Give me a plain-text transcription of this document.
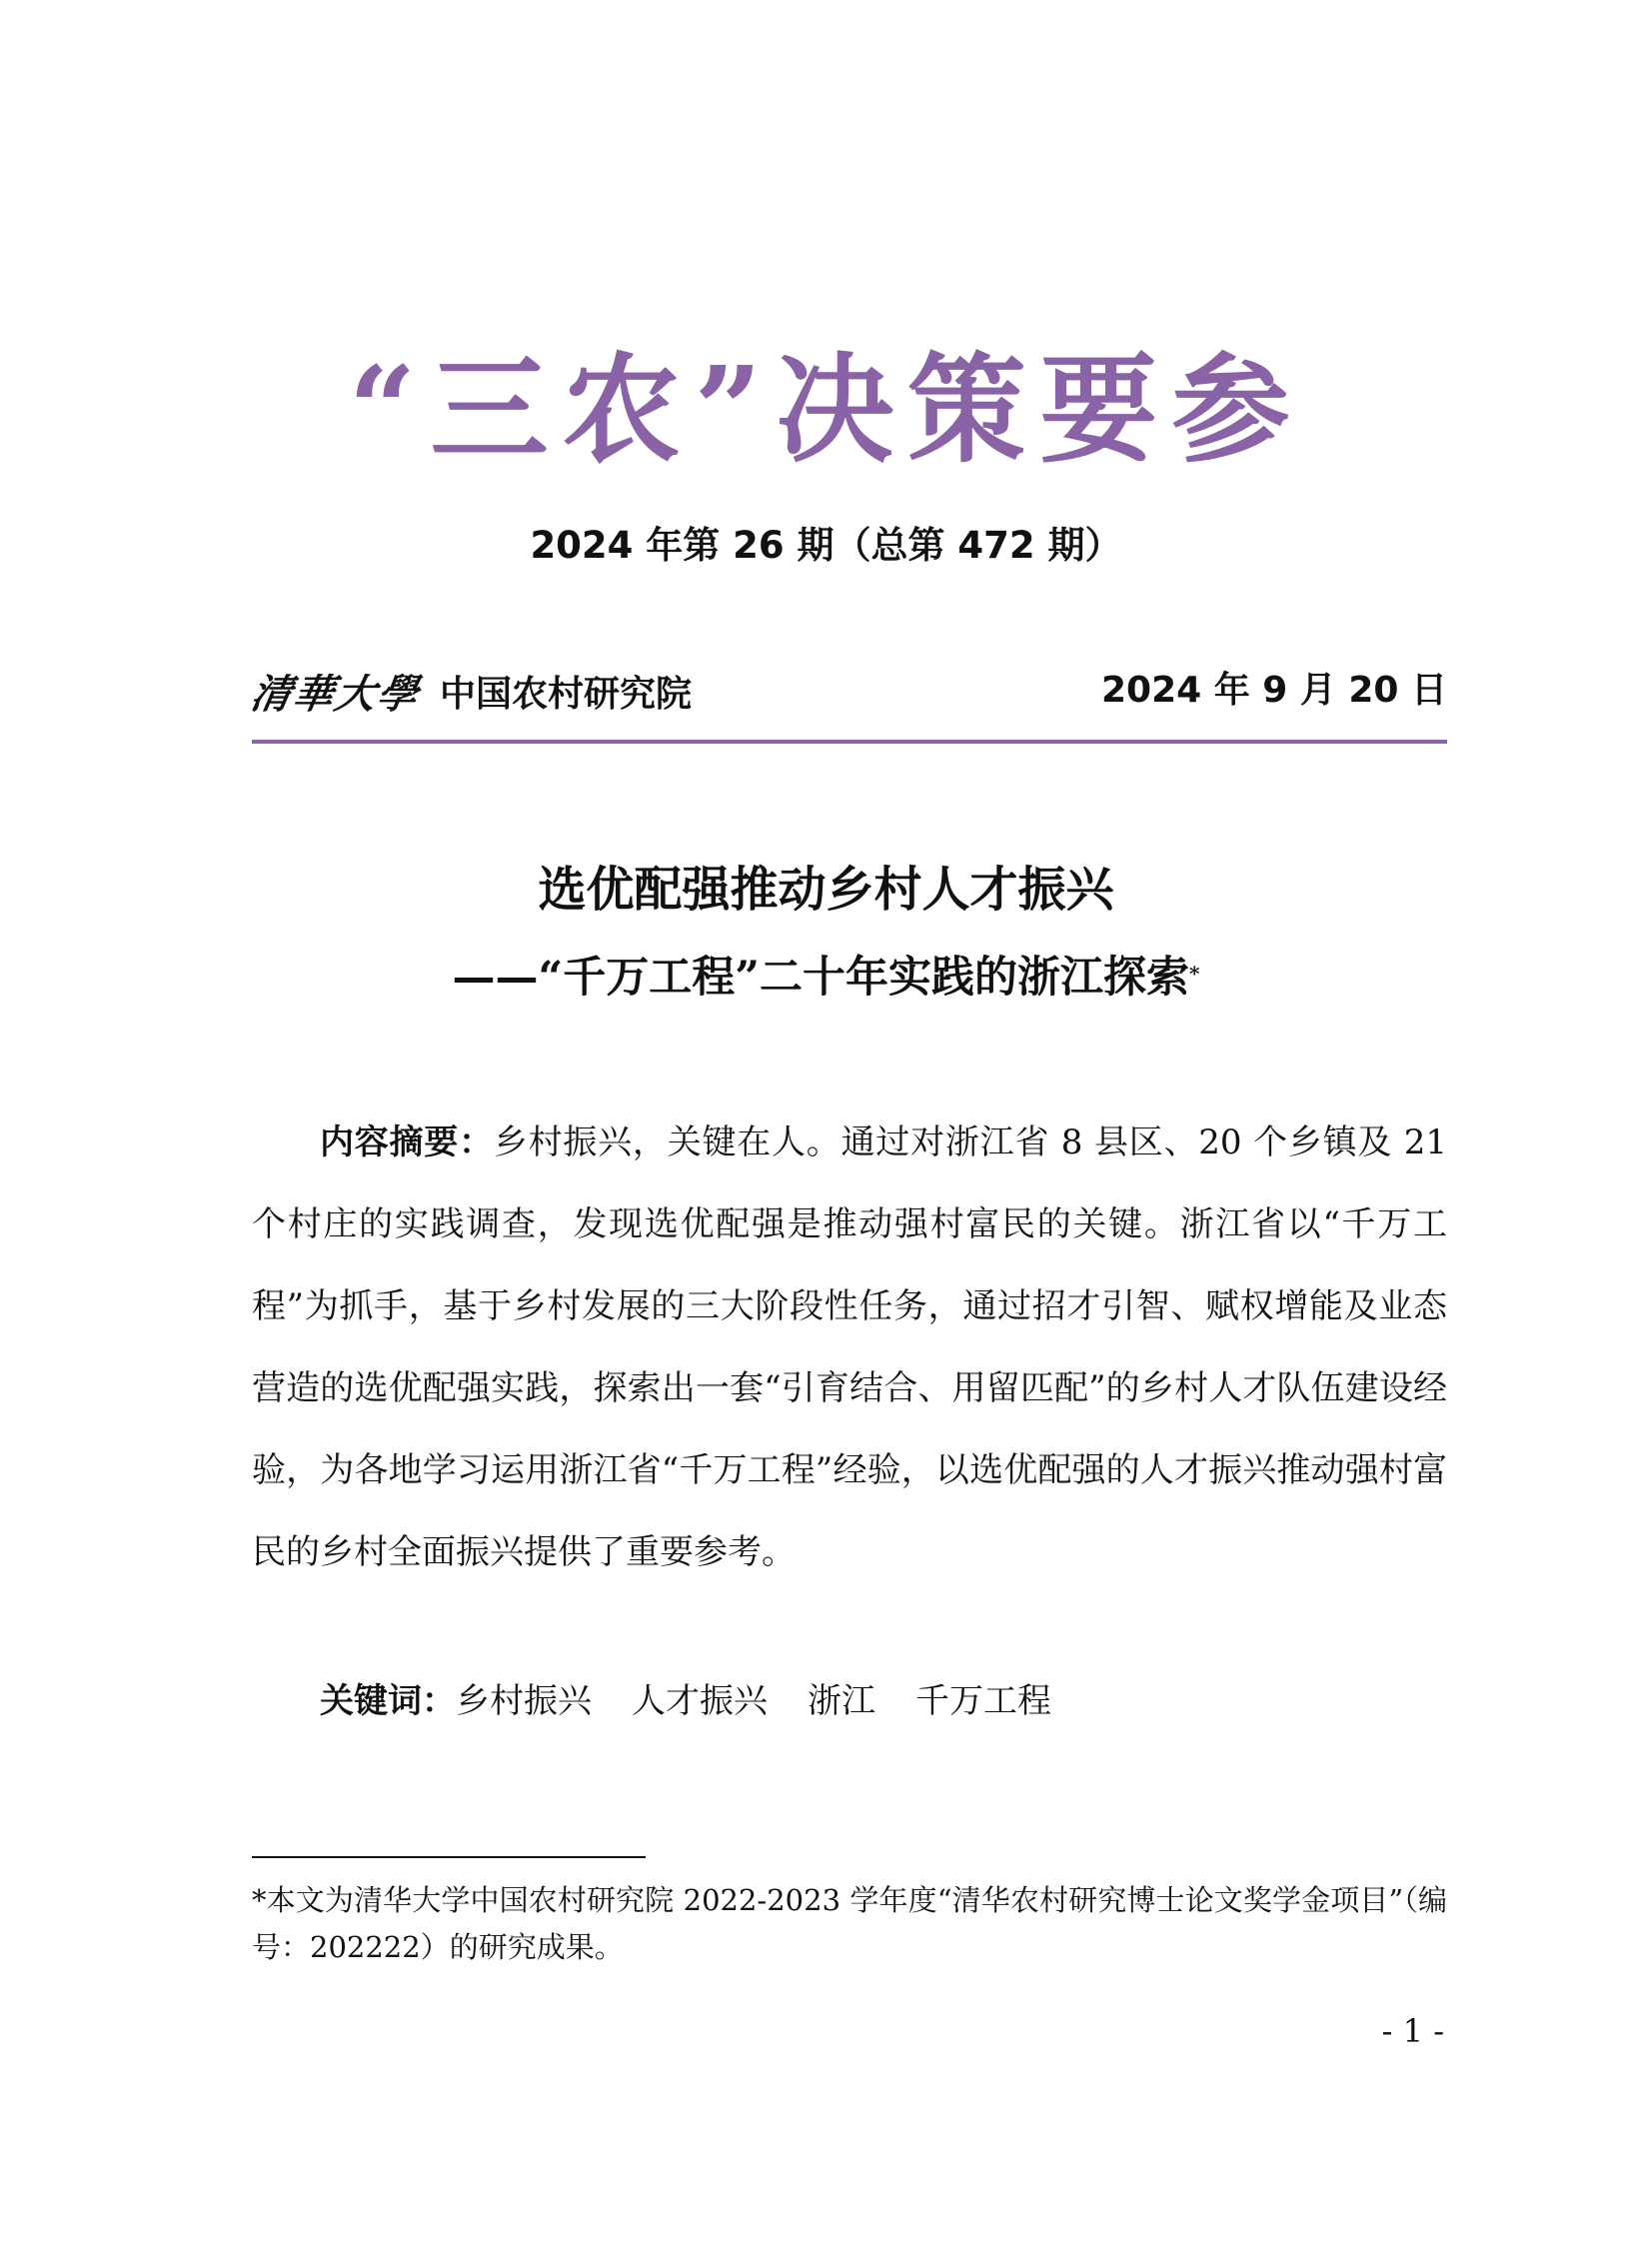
“三农”决策要参
2024 年第 26 期（总第 472 期）
清華大學 中国农村研究院	2024 年 9 月 20 日
选优配强推动乡村人才振兴
——“千万工程”二十年实践的浙江探索*
内容摘要：乡村振兴，关键在人。通过对浙江省 8 县区、20 个乡镇及 21 个村庄的实践调查，发现选优配强是推动强村富民的关键。浙江省以“千万工程”为抓手，基于乡村发展的三大阶段性任务，通过招才引智、赋权增能及业态营造的选优配强实践，探索出一套“引育结合、用留匹配”的乡村人才队伍建设经验，为各地学习运用浙江省“千万工程”经验，以选优配强的人才振兴推动强村富民的乡村全面振兴提供了重要参考。
关键词：乡村振兴 人才振兴 浙江 千万工程
*本文为清华大学中国农村研究院 2022-2023 学年度“清华农村研究博士论文奖学金项目”（编号：202222）的研究成果。
- 1 -
